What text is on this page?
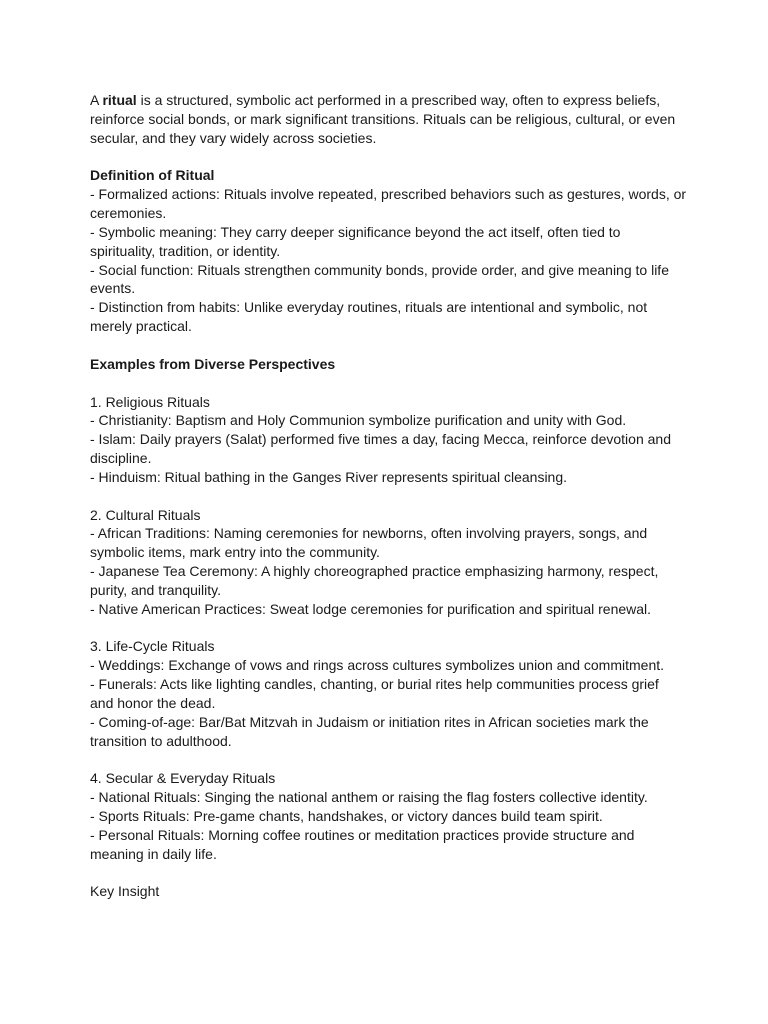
A ritual is a structured, symbolic act performed in a prescribed way, often to express beliefs,
reinforce social bonds, or mark significant transitions. Rituals can be religious, cultural, or even
secular, and they vary widely across societies.
Definition of Ritual
- Formalized actions: Rituals involve repeated, prescribed behaviors such as gestures, words, or
ceremonies.
- Symbolic meaning: They carry deeper significance beyond the act itself, often tied to
spirituality, tradition, or identity.
- Social function: Rituals strengthen community bonds, provide order, and give meaning to life
events.
- Distinction from habits: Unlike everyday routines, rituals are intentional and symbolic, not
merely practical.
Examples from Diverse Perspectives
1. Religious Rituals
- Christianity: Baptism and Holy Communion symbolize purification and unity with God.
- Islam: Daily prayers (Salat) performed five times a day, facing Mecca, reinforce devotion and
discipline.
- Hinduism: Ritual bathing in the Ganges River represents spiritual cleansing.
2. Cultural Rituals
- African Traditions: Naming ceremonies for newborns, often involving prayers, songs, and
symbolic items, mark entry into the community.
- Japanese Tea Ceremony: A highly choreographed practice emphasizing harmony, respect,
purity, and tranquility.
- Native American Practices: Sweat lodge ceremonies for purification and spiritual renewal.
3. Life-Cycle Rituals
- Weddings: Exchange of vows and rings across cultures symbolizes union and commitment.
- Funerals: Acts like lighting candles, chanting, or burial rites help communities process grief
and honor the dead.
- Coming-of-age: Bar/Bat Mitzvah in Judaism or initiation rites in African societies mark the
transition to adulthood.
4. Secular & Everyday Rituals
- National Rituals: Singing the national anthem or raising the flag fosters collective identity.
- Sports Rituals: Pre-game chants, handshakes, or victory dances build team spirit.
- Personal Rituals: Morning coffee routines or meditation practices provide structure and
meaning in daily life.
Key Insight
